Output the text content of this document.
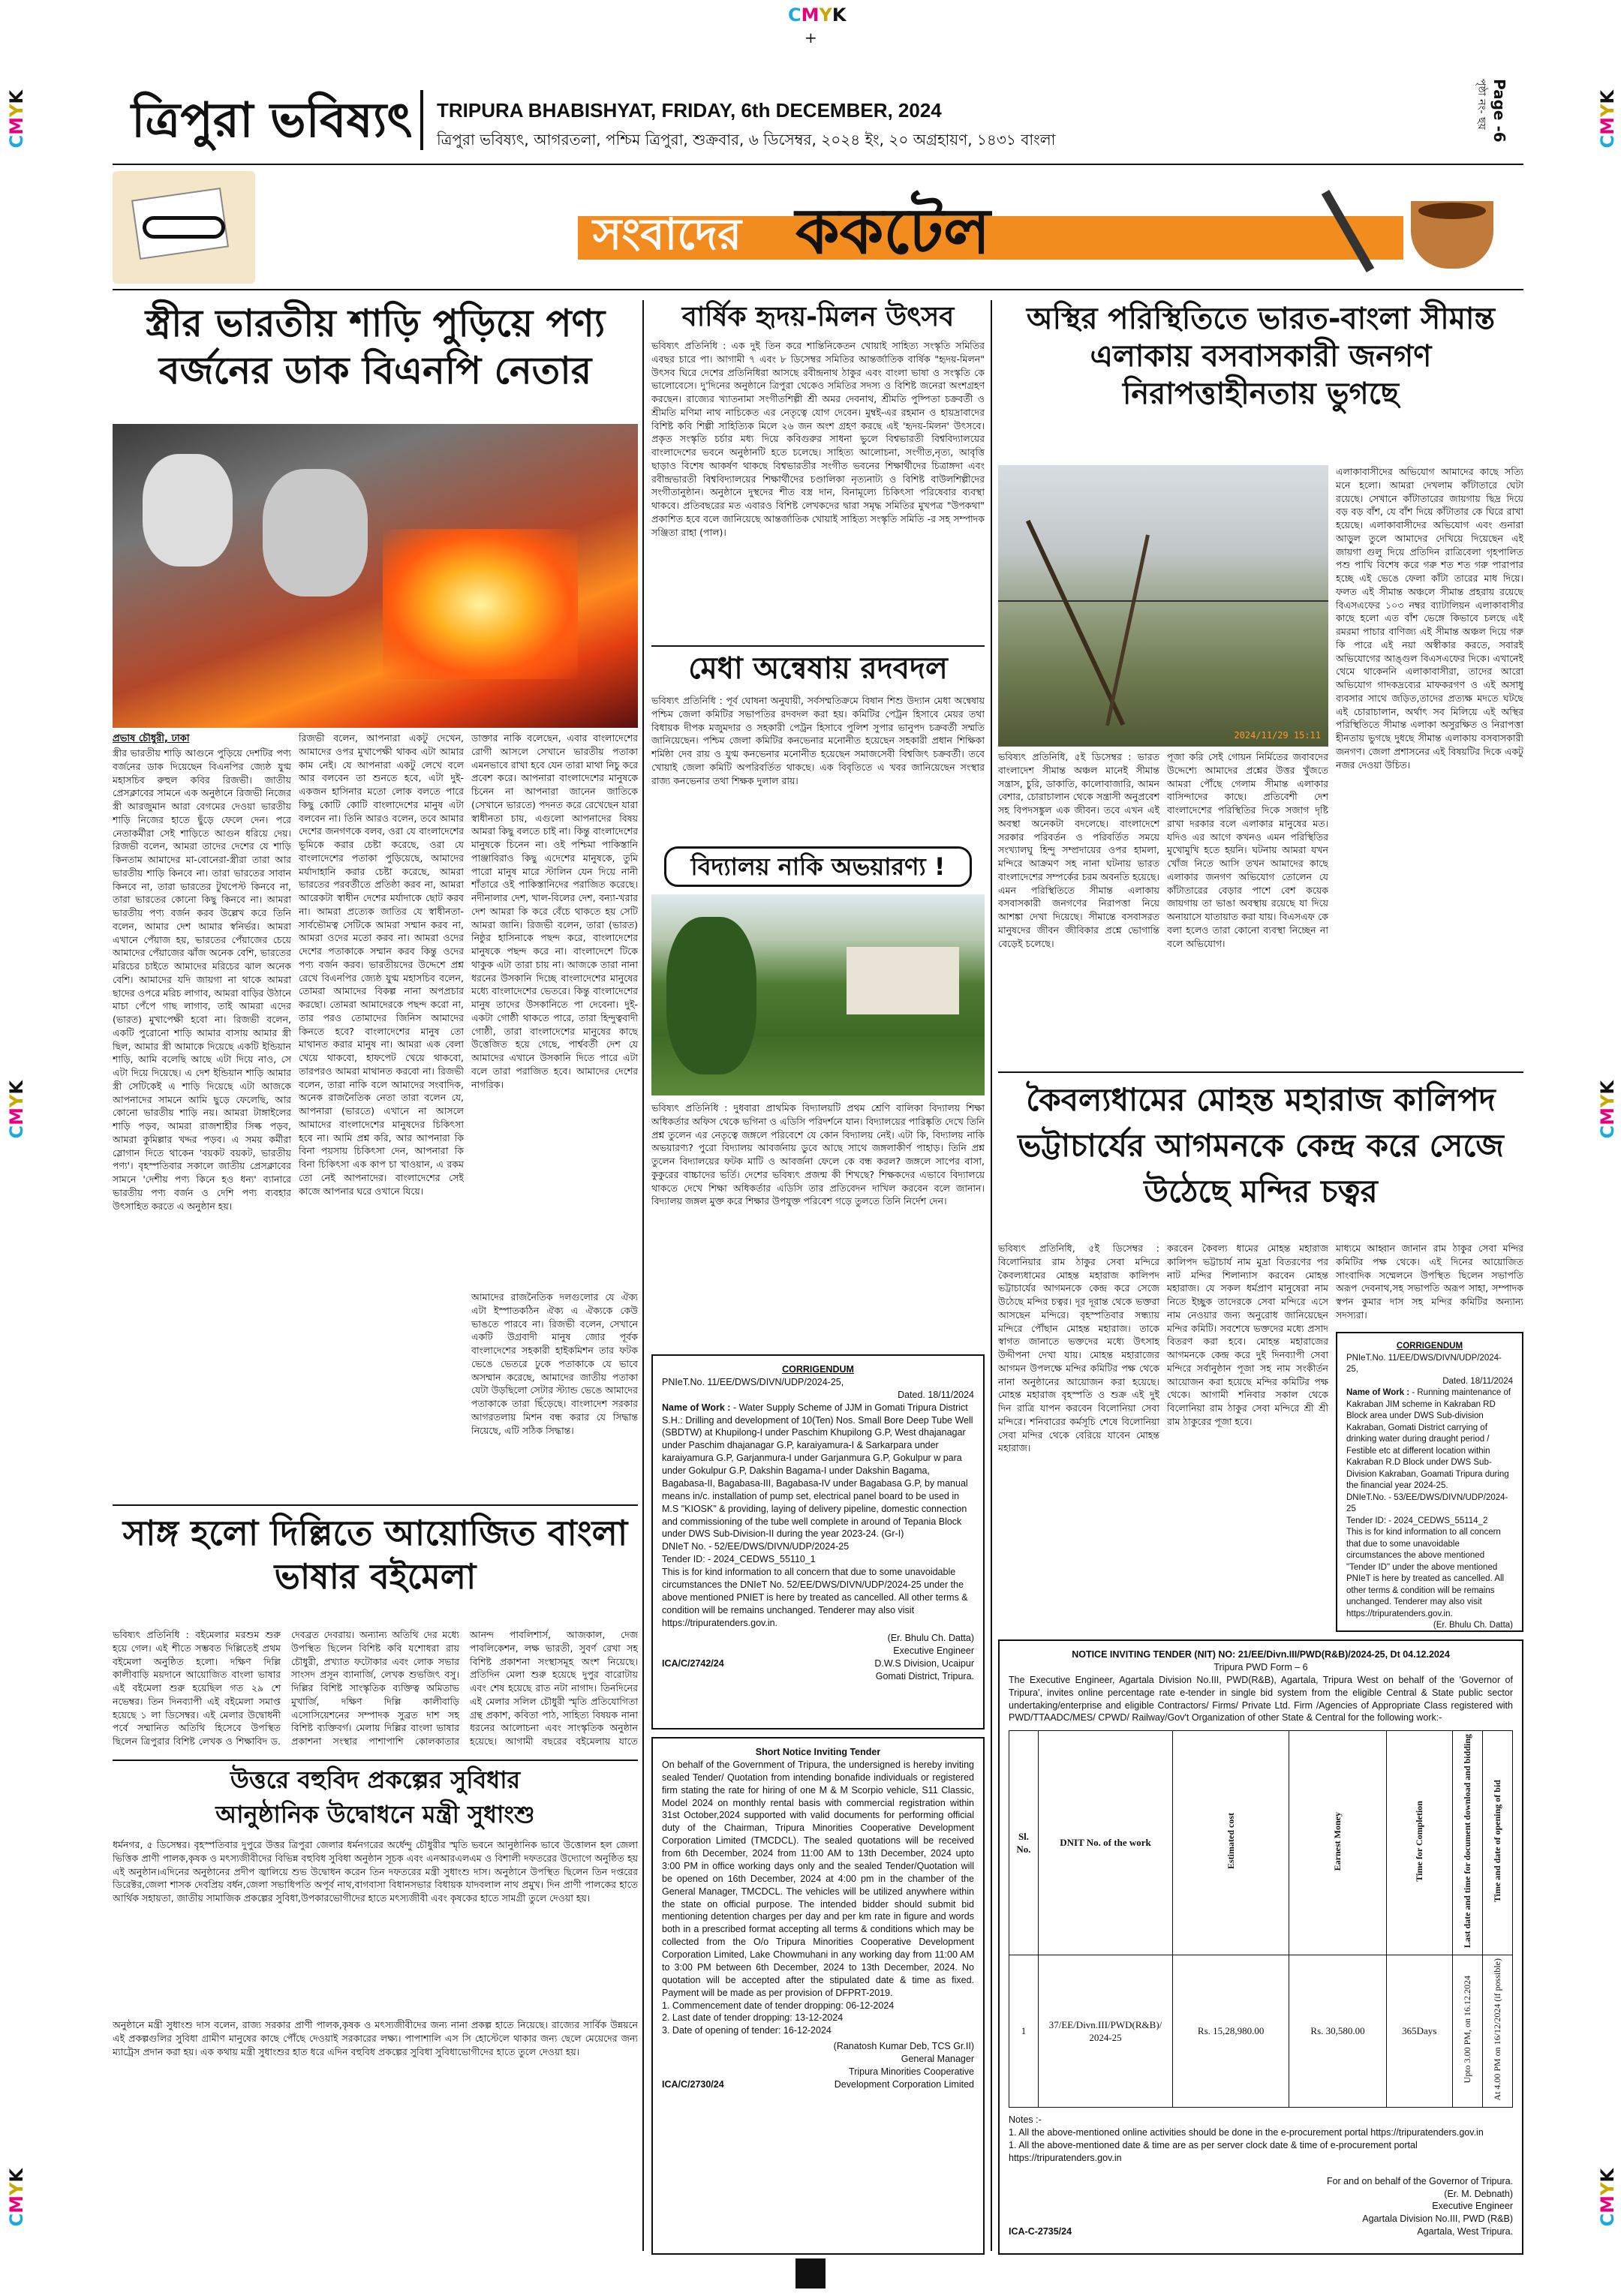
CMYK
+
CMYK
CMYK
CMYK
CMYK
CMYK
CMYK
ত্রিপুরা ভবিষ্যৎ TRIPURA BHABISHYAT, FRIDAY, 6th DECEMBER, 2024
ত্রিপুরা ভবিষ্যৎ, আগরতলা, পশ্চিম ত্রিপুরা, শুক্রবার, ৬ ডিসেম্বর, ২০২৪ ইং, ২০ অগ্রহায়ণ, ১৪৩১ বাংলা	Page -6
পৃষ্ঠা নং- ছয়
সংবাদের ককটেল
স্ত্রীর ভারতীয় শাড়ি পুড়িয়ে পণ্য বর্জনের ডাক বিএনপি নেতার
প্রভাষ চৌধুরী, ঢাকা
স্ত্রীর ভারতীয় শাড়ি আগুনে পুড়িয়ে দেশটির পণ্য বর্জনের ডাক দিয়েছেন বিএনপির জ্যেষ্ঠ যুগ্ম মহাসচিব রুহুল কবির রিজভী। জাতীয় প্রেসক্লাবের সামনে এক অনুষ্ঠানে রিজভী নিজের স্ত্রী আরজুমান আরা বেগমের দেওয়া ভারতীয় শাড়ি নিজের হাতে ছুঁড়ে ফেলে দেন। পরে নেতাকর্মীরা সেই শাড়িতে আগুন ধরিয়ে দেয়। রিজভী বলেন, আমরা তাদের দেশের যে শাড়ি কিনতাম আমাদের মা-বোনেরা-স্ত্রীরা তারা আর ভারতীয় শাড়ি কিনবে না। তারা ভারতের সাবান কিনবে না, তারা ভারতের টুথপেস্ট কিনবে না, তারা ভারতের কোনো কিছু কিনবে না। আমরা ভারতীয় পণ্য বর্জন করব উল্লেখ করে তিনি বলেন, আমার দেশ আমার স্বনির্ভর। আমরা এখানে পেঁয়াজ হয়, ভারতের পেঁয়াজের চেয়ে আমাদের পেঁয়াজের ঝাঁজ অনেক বেশি, ভারতের মরিচের চাইতে আমাদের মরিচের ঝাল অনেক বেশি। আমাদের যদি জায়গা না থাকে আমরা ছাদের ওপরে মরিচ লাগাব, আমরা বাড়ির উঠানে মাচা পেঁপে গাছ লাগাব, তাই আমরা এদের (ভারত) মুখাপেক্ষী হবো না। রিজভী বলেন, একটি পুরোনো শাড়ি আমার বাসায় আমার স্ত্রী ছিল, আমার স্ত্রী আমাকে দিয়েছে একটি ইন্ডিয়ান শাড়ি, আমি বলেছি আছে এটা দিয়ে নাও, সে এটা দিয়ে দিয়েছে। এ দেশ ইন্ডিয়ান শাড়ি আমার স্ত্রী সেটিকেই এ শাড়ি দিয়েছে এটা আজকে আপনাদের সামনে আমি ছুড়ে ফেলেছি, আর কোনো ভারতীয় শাড়ি নয়। আমরা টাঙ্গাইলের শাড়ি পড়ব, আমরা রাজশাহীর সিল্ক পড়ব, আমরা কুমিল্লার খদ্দর পড়ব। এ সময় কর্মীরা স্লোগান দিতে থাকেন 'বয়কট বয়কট, ভারতীয় পণ্য'। বৃহস্পতিবার সকালে জাতীয় প্রেসক্লাবের সামনে 'দেশীয় পণ্য কিনে হও ধন্য' ব্যানারে ভারতীয় পণ্য বর্জন ও দেশি পণ্য ব্যবহার উৎসাহিত করতে এ অনুষ্ঠান হয়।
রিজভী বলেন, আপনারা একটু দেখেন, আমাদের ওপর মুখাপেক্ষী থাকব এটা আমার কাম নেই। যে আপনারা একটু লেখে বলে আর বলবেন তা শুনতে হবে, এটা দুই-একজন হাসিনার মতো লোক বলতে পারে কিছু কোটি কোটি বাংলাদেশের মানুষ এটা বলবেন না। তিনি আরও বলেন, তবে আমার দেশের জনগণকে বলব, ওরা যে বাংলাদেশের ভূমিকে করার চেষ্টা করেছে, ওরা যে বাংলাদেশের পতাকা পুড়িয়েছে, আমাদের মর্যাদাহানি করার চেষ্টা করেছে, আমরা ভারতের পরবর্তীতে প্রতিষ্ঠা করব না, আমরা আরেকটা স্বাধীন দেশের মর্যাদাকে ছোট করব না। আমরা প্রত্যেক জাতির যে স্বাধীনতা-সার্বভৌমত্ব সেটিকে আমরা সম্মান করব না, আমরা ওদের মতো করব না। আমরা ওদের দেশের পতাকাকে সম্মান করব কিন্তু ওদের পণ্য বর্জন করব। ভারতীয়দের উদ্দেশে প্রশ্ন রেখে বিএনপির জ্যেষ্ঠ যুগ্ম মহাসচিব বলেন, তোমরা আমাদের বিকল্প নানা অপপ্রচার করছো। তোমরা আমাদেরকে পছন্দ করো না, তার পরও তোমাদের জিনিস আমাদের কিনতে হবে? বাংলাদেশের মানুষ তো মাথানত করার মানুষ না। আমরা এক বেলা খেয়ে থাকবো, হাফপেট খেয়ে থাকবো, তারপরও আমরা মাথানত করবো না। রিজভী বলেন, তারা নাকি বলে আমাদের সংবাদিক, অনেক রাজনৈতিক নেতা তারা বলেন যে, আপনারা (ভারতে) এখানে না আসলে আমাদের বাংলাদেশের মানুষদের চিকিৎসা হবে না। আমি প্রশ্ন করি, আর আপনারা কি বিনা পয়সায় চিকিৎসা দেন, আপনারা কি বিনা চিকিৎসা এক কাপ চা খাওয়ান, এ রকম তো নেই আপনাদের। বাংলাদেশের সেই কাজে আপনার ঘরে ওখানে যিয়ে।
ডাক্তার নাকি বলেছেন, এবার বাংলাদেশের রোগী আসলে সেখানে ভারতীয় পতাকা এমনভাবে রাখা হবে যেন তারা মাথা নিচু করে প্রবেশ করে। আপনারা বাংলাদেশের মানুষকে চিনেন না আপনারা জানেন জাতিকে (সেখানে ভারতে) পদনত করে রেখেছেন যারা স্বাধীনতা চায়, এগুলো আপনাদের বিষয় আমরা কিছু বলতে চাই না। কিন্তু বাংলাদেশের মানুষকে চিনেন না। ওই পশ্চিমা পাকিস্তানি পাঞ্জাবিরাও কিছু এদেশের মানুষকে, তুমি পারো মানুষ মারে স্টালিন যেন দিয়ে নানী শাঁতারে ওই পাকিস্তানিদের পরাজিত করেছে। নদীনালার দেশ, খাল-বিলের দেশ, বন্যা-খরার দেশ আমরা কি করে বেঁচে থাকতে হয় সেটি আমরা জানি। রিজভী বলেন, তারা (ভারত) নিষ্ঠুর হাসিনাকে পছন্দ করে, বাংলাদেশের মানুষকে পছন্দ করে না। বাংলাদেশে টিকে থাকুক এটা তারা চায় না। আজকে তারা নানা ধরনের উসকানি দিচ্ছে বাংলাদেশের মানুষের মধ্যে বাংলাদেশের ভেতরে। কিন্তু বাংলাদেশের মানুষ তাদের উসকানিতে পা দেবেনা। দুই-একটা গোষ্ঠী থাকতে পারে, তারা হিন্দুত্ববাদী গোষ্ঠী, তারা বাংলাদেশের মানুষের কাছে উত্তেজিত হয়ে গেছে, পার্শ্ববর্তী দেশ যে আমাদের এখানে উসকানি দিতে পারে এটা বলে তারা পরাজিত হবে। আমাদের দেশের নাগরিক।
আমাদের রাজনৈতিক দলগুলোর যে ঐক্য এটা ইস্পাতকঠিন ঐক্য এ ঐক্যকে কেউ ভাঙতে পারবে না। রিজভী বলেন, সেখানে একটি উগ্রবাদী মানুষ জোর পূর্বক বাংলাদেশের সহকারী হাইকমিশন তার ফটক ভেঙে ভেতরে ঢুকে পতাকাকে যে ভাবে অসম্মান করেছে, আমাদের জাতীয় পতাকা যেটা উড়ছিলো সেটার স্ট্যান্ড ভেঙে আমাদের পতাকাকে তারা ছিঁড়েছে। বাংলাদেশ সরকার আগরতলায় মিশন বন্ধ করার যে সিদ্ধান্ত নিয়েছে, এটি সঠিক সিদ্ধান্ত।
সাঙ্গ হলো দিল্লিতে আয়োজিত বাংলা ভাষার বইমেলা
ভবিষ্যৎ প্রতিনিধি : বইমেলার মরশুম শুরু হয়ে গেল। এই শীতে সম্ভবত দিল্লিতেই প্রথম বইমেলা অনুষ্ঠিত হলো। দক্ষিণ দিল্লি কালীবাড়ি ময়দানে আয়োজিত বাংলা ভাষার এই বইমেলা শুরু হয়েছিল গত ২৯ শে নভেম্বর। তিন দিনব্যাপী এই বইমেলা সমাপ্ত হয়েছে ১ লা ডিসেম্বর। এই মেলার উদ্বোধনী পর্বে সম্মানিত অতিথি হিসেবে উপস্থিত ছিলেন ত্রিপুরার বিশিষ্ট লেখক ও শিক্ষাবিদ ড. দেবব্রত দেবরায়। অন্যান্য অতিথি দের মধ্যে উপস্থিত ছিলেন বিশিষ্ট কবি যশোধরা রায় চৌধুরী, প্রখ্যাত ফটোকার এবং লোক সভার সাংসদ প্রসূন ব্যানার্জি, লেখক শুভজিৎ বসু। দিল্লির বিশিষ্ট সাংস্কৃতিক ব্যক্তিত্ব অমিতাভ মুখার্জি, দক্ষিণ দিল্লি কালীবাড়ি এসোসিয়েশনের সম্পাদক সুব্রত দাশ সহ বিশিষ্ট ব্যক্তিবর্গ। মেলায় দিল্লির বাংলা ভাষার প্রকাশনা সংস্থার পাশাপাশি কোলকাতার আনন্দ পাবলিশার্স, আজকাল, দেজ পাবলিকেশন, লক্ষ ভারতী, সুবর্ণ রেখা সহ বিশিষ্ট প্রকাশনা সংস্থাসমূহ অংশ নিয়েছে। প্রতিদিন মেলা শুরু হয়েছে দুপুর বারোটায় এবং শেষ হয়েছে রাত নটা নাগাদ। তিনদিনের এই মেলার সলিল চৌধুরী স্মৃতি প্রতিযোগিতা গ্রন্থ প্রকাশ, কবিতা পাঠ, সাহিত্য বিষয়ক নানা ধরনের আলোচনা এবং সাংস্কৃতিক অনুষ্ঠান হয়েছে। আগামী বছরের বইমেলায় যাতে
উত্তরে বহুবিদ প্রকল্পের সুবিধার
আনুষ্ঠানিক উদ্বোধনে মন্ত্রী সুধাংশু
ধর্মনগর, ৫ ডিসেম্বর। বৃহস্পতিবার দুপুরে উত্তর ত্রিপুরা জেলার ধর্মনগরের অর্ধেন্দু চৌধুরীর স্মৃতি ভবনে আনুষ্ঠানিক ভাবে উত্তোলন হল জেলা ভিত্তিক প্রাণী পালক,কৃষক ও মৎস্যজীবীদের বিভিন্ন বহুবিধ সুবিধা অনুষ্ঠান সূচক এবং এনআরএলএম ও বিশালী দফতরের উদ্যোগে অনুষ্ঠিত হয় এই অনুষ্ঠান।এদিনের অনুষ্ঠানের প্রদীপ জ্বালিয়ে শুভ উদ্বোধন করেন তিন দফতরের মন্ত্রী সুধাংশু দাস। অনুষ্ঠানে উপস্থিত ছিলেন তিন দপ্তরের ডিরেক্টর,জেলা শাসক দেবপ্রিয় বর্ধন,জেলা সভাধিপতি অপূর্ব নাথ,বাগবাসা বিধানসভার বিধায়ক যাদবলাল নাথ প্রমুখ। দিন প্রাণী পালকের হাতে আর্থিক সহায়তা, জাতীয় সামাজিক প্রকল্পের সুবিধা,উপকারভোগীদের হাতে মৎস্যজীবী এবং কৃষকের হাতে সামগ্রী তুলে দেওয়া হয়।
অনুষ্ঠানে মন্ত্রী সুধাংশু দাস বলেন, রাজ্য সরকার প্রাণী পালক,কৃষক ও মৎস্যজীবীদের জন্য নানা প্রকল্প হাতে নিয়েছে। রাজ্যের সার্বিক উন্নয়নে এই প্রকল্পগুলির সুবিধা গ্রামীণ মানুষের কাছে পৌঁছে দেওয়াই সরকারের লক্ষ্য। পাপাশালি এস সি হোস্টেলে থাকার জন্য ছেলে মেয়েদের জন্য ম্যাট্রেস প্রদান করা হয়। এক কথায় মন্ত্রী সুধাংশুর হাত ধরে এদিন বহুবিধ প্রকল্পের সুবিধা সুবিধাভোগীদের হাতে তুলে দেওয়া হয়।
বার্ষিক হৃদয়-মিলন উৎসব
ভবিষ্যৎ প্রতিনিধি : এক দুই তিন করে শান্তিনিকেতন খোয়াই সাহিত্য সংস্কৃতি সমিতির এবছর চারে পা। আগামী ৭ এবং ৮ ডিসেম্বর সমিতির আন্তর্জাতিক বার্ষিক "হৃদয়-মিলন" উৎসব ঘিরে দেশের প্রতিনিধিরা আসছে রবীন্দ্রনাথ ঠাকুর এবং বাংলা ভাষা ও সংস্কৃতি কে ভালোবেসে। দু'দিনের অনুষ্ঠানে ত্রিপুরা থেকেও সমিতির সদস্য ও বিশিষ্ট জনেরা অংশগ্রহণ করছেন। রাজ্যের খ্যাতনামা সংগীতশিল্পী শ্রী অমর দেবনাথ, শ্রীমতি পুষ্পিতা চক্রবর্তী ও শ্রীমতি মণিমা নাথ নাচিকেত এর নেতৃত্বে যোগ দেবেন। মুম্বই-এর রহমান ও হায়দ্রাবাদের বিশিষ্ট কবি শিল্পী সাহিত্যিক মিলে ২৬ জন অংশ গ্রহণ করছে এই 'হৃদয়-মিলন' উৎসবে। প্রকৃত সংস্কৃতি চর্চার মধ্য দিয়ে কবিগুরুর সাধনা ভুলে বিশ্বভারতী বিশ্ববিদ্যালয়ের বাংলাদেশের ভবনে অনুষ্ঠানটি হতে চলেছে। সাহিত্য আলোচনা, সংগীত,নৃত্য, আবৃত্তি ছাড়াও বিশেষ আকর্ষণ থাকছে বিশ্বভারতীর সংগীত ভবনের শিক্ষার্থীদের চিত্রাঙ্গদা এবং রবীন্দ্রভারতী বিশ্ববিদ্যালয়ের শিক্ষার্থীদের চণ্ডালিকা নৃত্যনাট্য ও বিশিষ্ট বাউলশিল্পীদের সংগীতানুষ্ঠান। অনুষ্ঠানে দুস্থদের শীত বস্ত্র দান, বিনামূল্যে চিকিৎসা পরিষেবার ব্যবস্থা থাকবে। প্রতিবছরের মত এবারও বিশিষ্ট লেখকদের দ্বারা সমৃদ্ধ সমিতির মুখপত্র "উপকথা" প্রকাশিত হবে বলে জানিয়েছে আন্তর্জাতিক খোয়াই সাহিত্য সংস্কৃতি সমিতি -র সহ সম্পাদক সঞ্জিতা রাহা (পাল)।
মেধা অন্বেষায় রদবদল
ভবিষ্যৎ প্রতিনিধি : পূর্ব ঘোষনা অনুযায়ী, সর্বসম্মতিক্রমে বিষান শিশু উদ্যান মেধা অন্বেষায় পশ্চিম জেলা কমিটির সভাপতির রদবদল করা হয়। কমিটির পেট্রন হিসাবে মেয়র তথা বিধায়ক দীপক মজুমদার ও সহকারী পেট্রন হিসাবে পুলিশ সুপার ভানুপদ চক্রবর্তী সম্মতি জানিয়েছেন। পশ্চিম জেলা কমিটির কনভেনার মনোনীত হয়েছেন সহকারী প্রধান শিক্ষিকা শর্মিষ্ঠা দেব রায় ও যুগ্ম কনভেনার মনোনীত হয়েছেন সমাজসেবী বিশ্বজিৎ চক্রবর্তী। তবে খোয়াই জেলা কমিটি অপরিবর্তিত থাকছে। এক বিবৃতিতে এ খবর জানিয়েছেন সংস্থার রাজ্য কনভেনার তথা শিক্ষক দুলাল রায়।
বিদ্যালয় নাকি অভয়ারণ্য !
ভবিষ্যৎ প্রতিনিধি : দুধবারা প্রাথমিক বিদ্যালয়টি প্রথম শ্রেণি বালিকা বিদ্যালয় শিক্ষা অধিকর্তার অফিস থেকে ভগিনা ও এডিসি পরিদর্শনে যান। বিদ্যালয়ের পারিষ্কৃতি দেখে তিনি প্রশ্ন তুলেন এর নেতৃত্বে জঙ্গলে পরিবেশে যে কোন বিদ্যালয় নেই। এটা কি, বিদ্যালয় নাকি অভয়ারণ্য? পুরো বিদ্যালয় আবর্জনায় ডুবে আছে সাথে জঙ্গলাকীর্ণ পাহাড়। তিনি প্রশ্ন তুলেন বিদ্যালয়ের ফটক মাটি ও আবর্জনা ফেলে কে বন্ধ করল? জঙ্গলে সাপের বাসা, কুকুরের বাচ্চাদের ভর্তি। দেশের ভবিষ্যৎ প্রজন্ম কী শিখছে? শিক্ষকদের এভাবে বিদ্যালয়ে থাকতে দেখে শিক্ষা অধিকর্তার এডিসি তার প্রতিবেদন দাখিল করবেন বলে জানান। বিদ্যালয় জঙ্গল মুক্ত করে শিক্ষার উপযুক্ত পরিবেশ গড়ে তুলতে তিনি নির্দেশ দেন।
CORRIGENDUM
PNIeT.No. 11/EE/DWS/DIVN/UDP/2024-25,
Dated. 18/11/2024
Name of Work : - Water Supply Scheme of JJM in Gomati Tripura District S.H.: Drilling and development of 10(Ten) Nos. Small Bore Deep Tube Well (SBDTW) at Khupilong-I under Paschim Khupilong G.P, West dhajanagar under Paschim dhajanagar G.P, karaiyamura-I & Sarkarpara under karaiyamura G.P, Garjanmura-I under Garjanmura G.P, Gokulpur w para under Gokulpur G.P, Dakshin Bagama-I under Dakshin Bagama, Bagabasa-II, Bagabasa-III, Bagabasa-IV under Bagabasa G.P, by manual means in/c. installation of pump set, electrical panel board to be used in M.S "KIOSK" & providing, laying of delivery pipeline, domestic connection and commissioning of the tube well complete in around of Tepania Block under DWS Sub-Division-II during the year 2023-24. (Gr-I)
DNIeT No. - 52/EE/DWS/DIVN/UDP/2024-25
Tender ID: - 2024_CEDWS_55110_1
This is for kind information to all concern that due to some unavoidable circumstances the DNIeT No. 52/EE/DWS/DIVN/UDP/2024-25 under the above mentioned PNIET is here by treated as cancelled. All other terms & condition will be remains unchanged. Tenderer may also visit https://tripuratenders.gov.in.
(Er. Bhulu Ch. Datta)
Executive Engineer
ICA/C/2742/24	D.W.S Division, Ucaipur
Gomati District, Tripura.
Short Notice Inviting Tender
On behalf of the Government of Tripura, the undersigned is hereby inviting sealed Tender/ Quotation from intending bonafide individuals or registered firm stating the rate for hiring of one M & M Scorpio vehicle, S11 Classic, Model 2024 on monthly rental basis with commercial registration within 31st October,2024 supported with valid documents for performing official duty of the Chairman, Tripura Minorities Cooperative Development Corporation Limited (TMCDCL). The sealed quotations will be received from 6th December, 2024 from 11:00 AM to 13th December, 2024 upto 3:00 PM in office working days only and the sealed Tender/Quotation will be opened on 16th December, 2024 at 4:00 pm in the chamber of the General Manager, TMCDCL. The vehicles will be utilized anywhere within the state on official purpose. The intended bidder should submit bid mentioning detention charges per day and per km rate in figure and words both in a prescribed format accepting all terms & conditions which may be collected from the O/o Tripura Minorities Cooperative Development Corporation Limited, Lake Chowmuhani in any working day from 11:00 AM to 3:00 PM between 6th December, 2024 to 13th December, 2024. No quotation will be accepted after the stipulated date & time as fixed. Payment will be made as per provision of DFPRT-2019.
1. Commencement date of tender dropping: 06-12-2024
2. Last date of tender dropping: 13-12-2024
3. Date of opening of tender: 16-12-2024
(Ranatosh Kumar Deb, TCS Gr.II)
General Manager
Tripura Minorities Cooperative
ICA/C/2730/24	Development Corporation Limited
অস্থির পরিস্থিতিতে ভারত-বাংলা সীমান্ত এলাকায় বসবাসকারী জনগণ নিরাপত্তাহীনতায় ভুগছে
2024/11/29 15:11
এলাকাবাসীদের অভিযোগ আমাদের কাছে সত্যি মনে হলো। আমরা দেখলাম কাঁটাতারে ঘেটা রয়েছে। সেখানে কাঁটাতারের জায়গায় ছিদ্র দিয়ে বড় বড় বাঁশ, যে বাঁশ দিয়ে কাঁটাতার কে ঘিরে রাখা হয়েছে। এলাকাবাসীদের অভিযোগ এবং গুনারা আড়ুল তুলে আমাদের দেখিয়ে দিয়েছেন এই জায়গা গুলু দিয়ে প্রতিদিন রাত্রিবেলা গৃহপালিত পশু পাখি বিশেষ করে গরু শত শত গরু পারাপার হচ্ছে এই ভেঙে ফেলা কাঁটা তারের মাধ দিয়ে। ফলত এই সীমান্ত অঞ্চলে সীমান্ত প্রহরায় রয়েছে বিএসএফের ১০৩ নম্বর ব্যাটালিয়ন এলাকাবাসীর কাছে হলো এত বাঁশ ভেঙ্গে কিভাবে চলছে এই রমরমা পাচার বাণিজ্য এই সীমান্ত অঞ্চল দিয়ে গরু কি পারে এই নয়া অস্বীকার করতে, সবারই অভিযোগের আঙ্গুল বিএসএফের দিকে। এখানেই থেমে থাকেননি এলাকাবাসীরা, তাদের আরো অভিযোগ গাদকদ্রব্যের মাফকরগণ ও এই অসাধু ব্যবসার সাথে জড়িত,তাদের প্রত্যক্ষ মদতে ঘটছে এই চোরাচালান, অর্থাৎ সব মিলিয়ে এই অস্থির পরিস্থিতিতে সীমান্ত এলাকা অসুরক্ষিত ও নিরাপত্তা হীনতায় ভুগছে দুধছে সীমান্ত এলাকায় বসবাসকারী জনগণ। জেলা প্রশাসনের এই বিষয়টির দিকে একটু নজর দেওয়া উচিত।
ভবিষ্যৎ প্রতিনিধি, ৫ই ডিসেম্বর : ভারত বাংলাদেশ সীমান্ত অঞ্চল মানেই সীমান্ত সন্ত্রাস, চুরি, ডাকাতি, কালোবাজারি, আমন বেশার, চোরাচালান থেকে সন্ত্রাসী অনুপ্রবেশ সহ বিপদসঙ্কুল এক জীবন। তবে এখন এই অবস্থা অনেকটা বদলেছে। বাংলাদেশে সরকার পরিবর্তন ও পরিবর্তিত সময়ে সংখ্যালঘু হিন্দু সম্প্রদায়ের ওপর হামলা, মন্দিরে আক্রমণ সহ নানা ঘটনায় ভারত বাংলাদেশের সম্পর্কের চরম অবনতি হয়েছে। এমন পরিস্থিতিতে সীমান্ত এলাকায় বসবাসকারী জনগণের নিরাপত্তা নিয়ে আশঙ্কা দেখা দিয়েছে। সীমান্তে বসবাসরত মানুষদের জীবন জীবিকার প্রশ্নে ভোগান্তি বেড়েই চলেছে।
পূজা করি সেই গোয়ন নির্মিতের জবাবদের উদ্দেশ্যে আমাদের প্রশ্নের উত্তর খুঁজতে আমরা পৌঁছে গেলাম সীমান্ত এলাকার বাসিন্দাদের কাছে। প্রতিবেশী দেশ বাংলাদেশের পরিস্থিতির দিকে সজাগ দৃষ্টি রাখা দরকার বলে এলাকার মানুষের মত। যদিও এর আগে কখনও এমন পরিস্থিতির মুখোমুখি হতে হয়নি। ঘটনায় আমরা যখন খোঁজ নিতে আসি তখন আমাদের কাছে এলাকার জনগণ অভিযোগ তোলেন যে কাঁটাতারের বেড়ার পাশে বেশ কয়েক জায়গায় তা ভাঙা অবস্থায় রয়েছে যা দিয়ে অনায়াসে যাতায়াত করা যায়। বিএসএফ কে বলা হলেও তারা কোনো ব্যবস্থা নিচ্ছেন না বলে অভিযোগ।
কৈবল্যধামের মোহন্ত মহারাজ কালিপদ ভট্টাচার্যের আগমনকে কেন্দ্র করে সেজে উঠেছে মন্দির চত্বর
ভবিষ্যৎ প্রতিনিধি, ৫ই ডিসেম্বর : বিলোনিয়ার রাম ঠাকুর সেবা মন্দিরে কৈবল্যধামের মোহন্ত মহারাজ কালিপদ ভট্টাচার্যের আগমনকে কেন্দ্র করে সেজে উঠেছে মন্দির চত্বর। দূর দূরান্ত থেকে ভক্তরা আসছেন মন্দিরে। বৃহস্পতিবার সন্ধ্যায় মন্দিরে পৌঁছান মোহন্ত মহারাজ। তাকে স্বাগত জানাতে ভক্তদের মধ্যে উৎসাহ উদ্দীপনা দেখা যায়। মোহন্ত মহারাজের আগমন উপলক্ষে মন্দির কমিটির পক্ষ থেকে নানা অনুষ্ঠানের আয়োজন করা হয়েছে। মোহন্ত মহারাজ বৃহস্পতি ও শুক্র এই দুই দিন রাত্রি যাপন করবেন বিলোনিয়া সেবা মন্দিরে। শনিবারের কর্মসূচি শেষে বিলোনিয়া সেবা মন্দির থেকে বেরিয়ে যাবেন মোহন্ত মহারাজ।
করবেন কৈবল্য ধামের মোহন্ত মহারাজ কালিপদ ভট্টাচার্য নাম মুদ্রা বিতরণের পর নাট মন্দির শিলান্যাস করবেন মোহন্ত মহারাজ। যে সকল ধর্মপ্রাণ মানুষেরা নাম নিতে ইচ্ছুক তাদেরকে সেবা মন্দিরে এসে নাম নেওয়ার জন্য অনুরোধ জানিয়েছেন মন্দির কমিটি। সবশেষে ভক্তদের মধ্যে প্রসাদ বিতরণ করা হবে। মোহন্ত মহারাজের আগমনকে কেন্দ্র করে দুই দিনব্যাপী সেবা মন্দিরে সর্বানুষ্ঠান পূজা সহ নাম সংকীর্তন আয়োজন করা হয়েছে মন্দির কমিটির পক্ষ থেকে। আগামী শনিবার সকাল থেকে বিলোনিয়া রাম ঠাকুর সেবা মন্দিরে শ্রী শ্রী রাম ঠাকুরের পূজা হবে।
মাধ্যমে আহ্বান জানান রাম ঠাকুর সেবা মন্দির কমিটির পক্ষ থেকে। এই দিনের আয়োজিত সাংবাদিক সম্মেলনে উপস্থিত ছিলেন সভাপতি অরূপ দেবনাথ,সহ সভাপতি অরূপ সাহা, সম্পাদক স্বপন কুমার দাস সহ মন্দির কমিটির অন্যান্য সদস্যরা।
CORRIGENDUM
PNIeT.No. 11/EE/DWS/DIVN/UDP/2024-25,
Dated. 18/11/2024
Name of Work : - Running maintenance of Kakraban JIM scheme in Kakraban RD Block area under DWS Sub-division Kakraban, Gomati District carrying of drinking water during draught period / Festible etc at different location within Kakraban R.D Block under DWS Sub-Division Kakraban, Goamati Tripura during the financial year 2024-25.
DNIeT.No. - 53/EE/DWS/DIVN/UDP/2024-25
Tender ID: - 2024_CEDWS_55114_2
This is for kind information to all concern that due to some unavoidable circumstances the above mentioned "Tender ID" under the above mentioned PNIeT is here by treated as cancelled. All other terms & condition will be remains unchanged. Tenderer may also visit https://tripuratenders.gov.in.
(Er. Bhulu Ch. Datta)
NOTICE INVITING TENDER (NIT) NO: 21/EE/Divn.III/PWD(R&B)/2024-25, Dt 04.12.2024
Tripura PWD Form – 6
The Executive Engineer, Agartala Division No.III, PWD(R&B), Agartala, Tripura West on behalf of the 'Governor of Tripura', invites online percentage rate e-tender in single bid system from the eligible Central & State public sector undertaking/enterprise and eligible Contractors/ Firms/ Private Ltd. Firm /Agencies of Appropriate Class registered with PWD/TTAADC/MES/ CPWD/ Railway/Gov't Organization of other State & Central for the following work:-
Sl. No.	DNIT No. of the work	Estimated cost	Earnest Money	Time for Completion	Last date and time for document download and bidding	Time and date of opening of bid
1	37/EE/Divn.III/PWD(R&B)/ 2024-25	Rs. 15,28,980.00	Rs. 30,580.00	365Days	Upto 3.00 PM, on 16.12.2024	At 4.00 PM on 16/12/2024 (if possible)
Notes :-
1. All the above-mentioned online activities should be done in the e-procurement portal https://tripuratenders.gov.in
1. All the above-mentioned date & time are as per server clock date & time of e-procurement portal https://tripuratenders.gov.in
For and on behalf of the Governor of Tripura.
(Er. M. Debnath)
Executive Engineer
Agartala Division No.III, PWD (R&B)
ICA-C-2735/24	Agartala, West Tripura.
